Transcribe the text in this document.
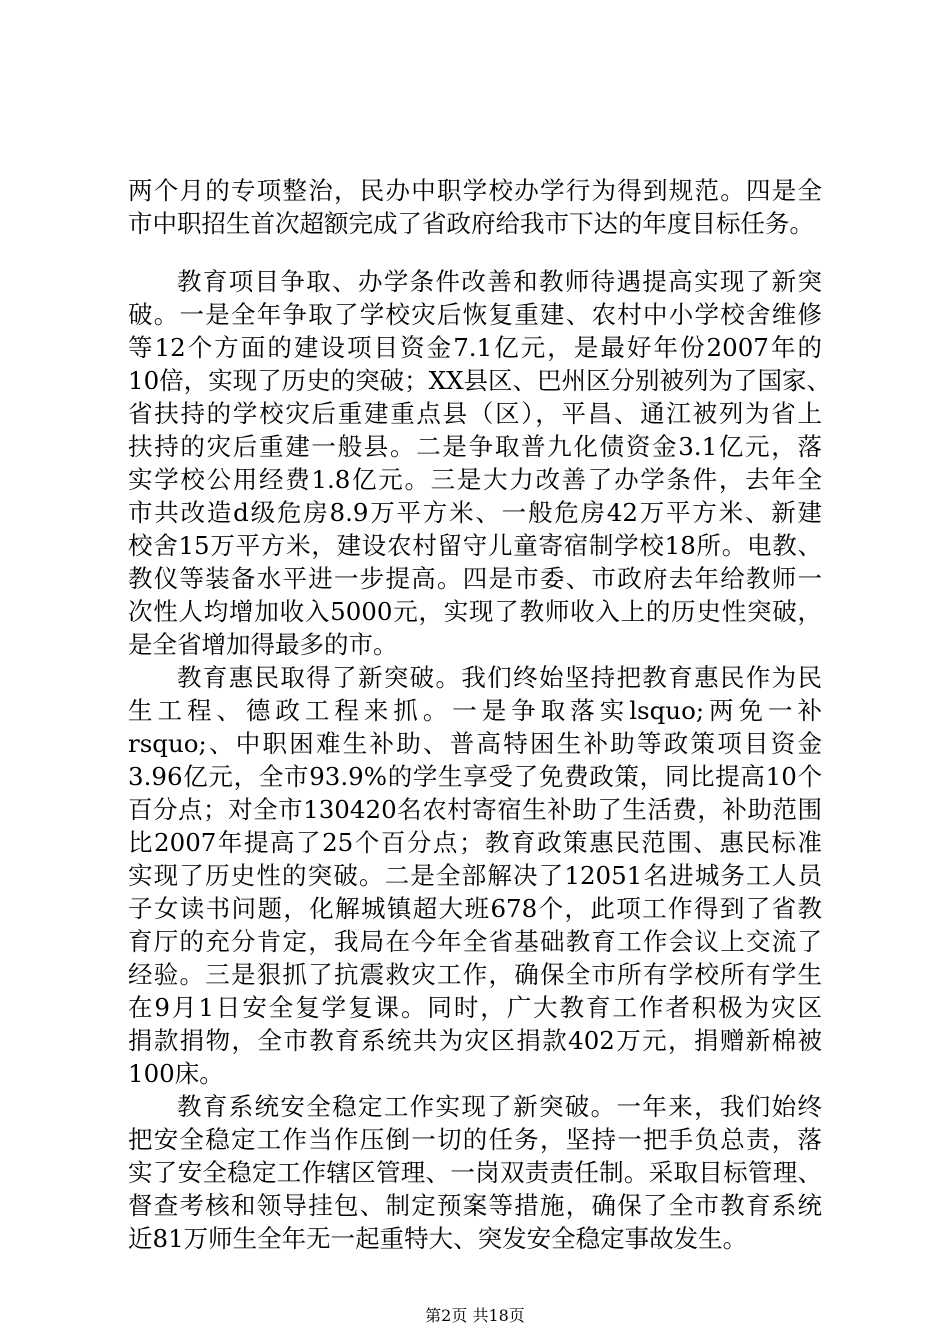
两个月的专项整治，民办中职学校办学行为得到规范。四是全
市中职招生首次超额完成了省政府给我市下达的年度目标任务。
教育项目争取、办学条件改善和教师待遇提高实现了新突
破。一是全年争取了学校灾后恢复重建、农村中小学校舍维修
等12个方面的建设项目资金7.1亿元，是最好年份2007年的
10倍，实现了历史的突破；XX县区、巴州区分别被列为了国家、
省扶持的学校灾后重建重点县（区），平昌、通江被列为省上
扶持的灾后重建一般县。二是争取普九化债资金3.1亿元，落
实学校公用经费1.8亿元。三是大力改善了办学条件，去年全
市共改造d级危房8.9万平方米、一般危房42万平方米、新建
校舍15万平方米，建设农村留守儿童寄宿制学校18所。电教、
教仪等装备水平进一步提高。四是市委、市政府去年给教师一
次性人均增加收入5000元，实现了教师收入上的历史性突破，
是全省增加得最多的市。
教育惠民取得了新突破。我们终始坚持把教育惠民作为民
生工程、德政工程来抓。一是争取落实lsquo;两免一补
rsquo;、中职困难生补助、普高特困生补助等政策项目资金
3.96亿元，全市93.9%的学生享受了免费政策，同比提高10个
百分点；对全市130420名农村寄宿生补助了生活费，补助范围
比2007年提高了25个百分点；教育政策惠民范围、惠民标准
实现了历史性的突破。二是全部解决了12051名进城务工人员
子女读书问题，化解城镇超大班678个，此项工作得到了省教
育厅的充分肯定，我局在今年全省基础教育工作会议上交流了
经验。三是狠抓了抗震救灾工作，确保全市所有学校所有学生
在9月1日安全复学复课。同时，广大教育工作者积极为灾区
捐款捐物，全市教育系统共为灾区捐款402万元，捐赠新棉被
100床。
教育系统安全稳定工作实现了新突破。一年来，我们始终
把安全稳定工作当作压倒一切的任务，坚持一把手负总责，落
实了安全稳定工作辖区管理、一岗双责责任制。采取目标管理、
督查考核和领导挂包、制定预案等措施，确保了全市教育系统
近81万师生全年无一起重特大、突发安全稳定事故发生。
第2页 共18页
